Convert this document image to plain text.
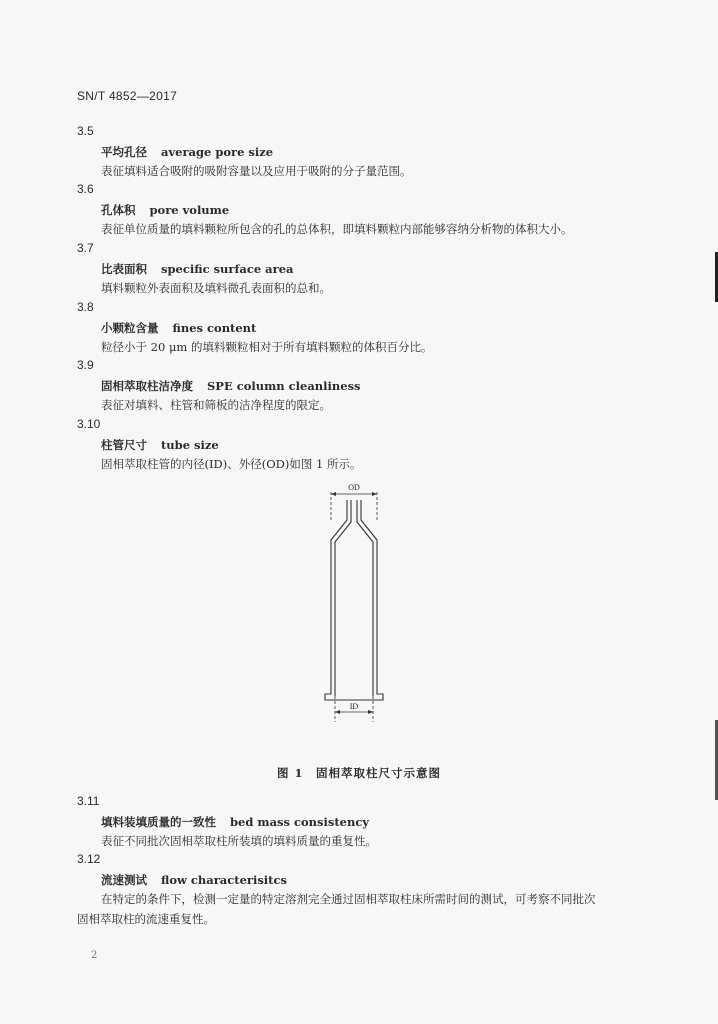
SN/T 4852—2017
3.5
平均孔径 average pore size
表征填料适合吸附的吸附容量以及应用于吸附的分子量范围。
3.6
孔体积 pore volume
表征单位质量的填料颗粒所包含的孔的总体积，即填料颗粒内部能够容纳分析物的体积大小。
3.7
比表面积 specific surface area
填料颗粒外表面积及填料微孔表面积的总和。
3.8
小颗粒含量 fines content
粒径小于 20 μm 的填料颗粒相对于所有填料颗粒的体积百分比。
3.9
固相萃取柱洁净度 SPE column cleanliness
表征对填料、柱管和筛板的洁净程度的限定。
3.10
柱管尺寸 tube size
固相萃取柱管的内径(ID)、外径(OD)如图 1 所示。
OD
ID
图 1　固相萃取柱尺寸示意图
3.11
填料装填质量的一致性 bed mass consistency
表征不同批次固相萃取柱所装填的填料质量的重复性。
3.12
流速测试 flow characterisitcs
在特定的条件下，检测一定量的特定溶剂完全通过固相萃取柱床所需时间的测试，可考察不同批次
固相萃取柱的流速重复性。
2
